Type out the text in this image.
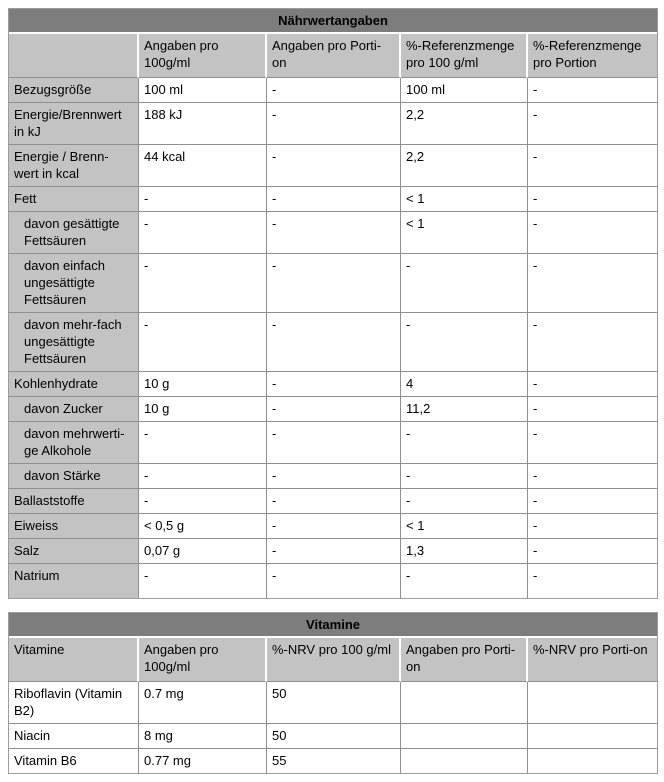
Nährwertangaben				
	Angaben pro 100g/ml	Angaben pro Porti-on	%-Referenzmenge pro 100 g/ml	%-Referenzmenge pro Portion
Bezugsgröße	100 ml	-	100 ml	-
Energie/Brennwert in kJ	188 kJ	-	2,2	-
Energie / Brenn-wert in kcal	44 kcal	-	2,2	-
Fett	-	-	< 1	-
davon gesättigte Fettsäuren	-	-	< 1	-
davon einfach ungesättigte Fettsäuren	-	-	-	-
davon mehr-fach ungesättigte Fettsäuren	-	-	-	-
Kohlenhydrate	10 g	-	4	-
davon Zucker	10 g	-	11,2	-
davon mehrwerti-ge Alkohole	-	-	-	-
davon Stärke	-	-	-	-
Ballaststoffe	-	-	-	-
Eiweiss	< 0,5 g	-	< 1	-
Salz	0,07 g	-	1,3	-
Natrium	-	-	-	-
Vitamine				
Vitamine	Angaben pro 100g/ml	%-NRV pro 100 g/ml	Angaben pro Porti-on	%-NRV pro Porti-on
Riboflavin (Vitamin B2)	0.7 mg	50		
Niacin	8 mg	50		
Vitamin B6	0.77 mg	55		
